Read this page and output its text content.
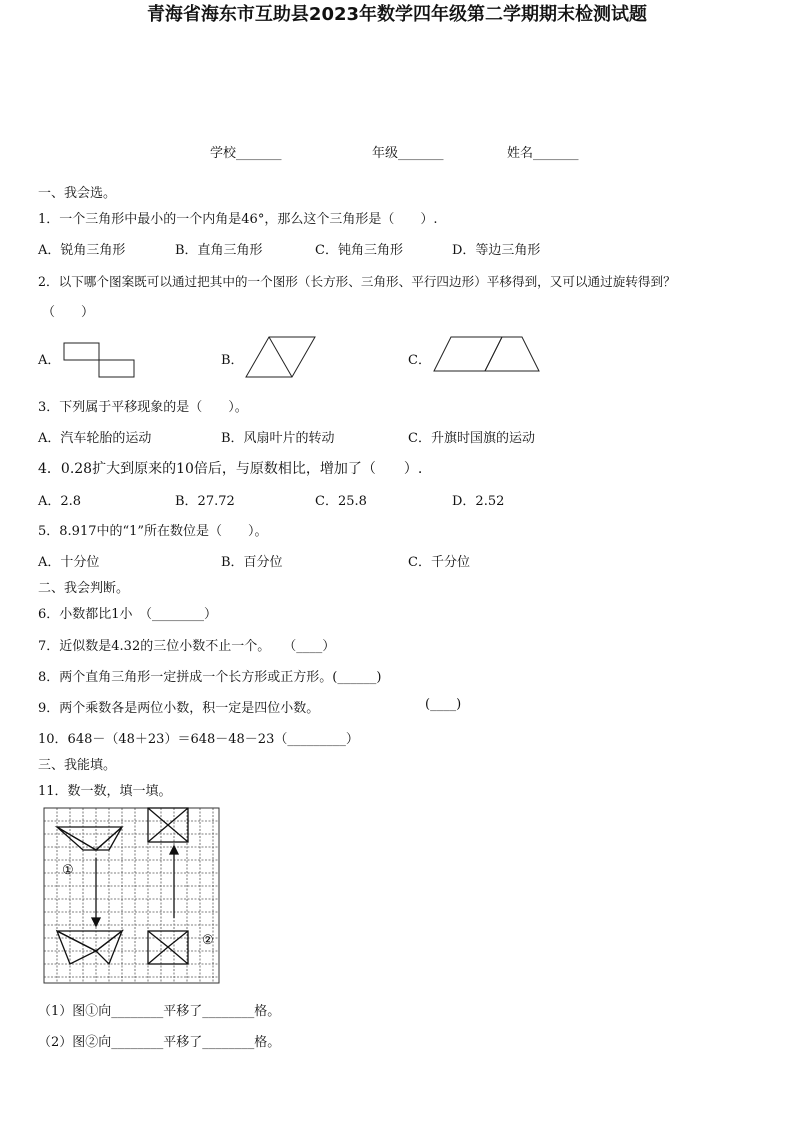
青海省海东市互助县2023年数学四年级第二学期期末检测试题
学校_______	年级_______	姓名_______
一、我会选。
1．一个三角形中最小的一个内角是46°，那么这个三角形是（　　）.
A．锐角三角形	B．直角三角形	C．钝角三角形	D．等边三角形
2．以下哪个图案既可以通过把其中的一个图形（长方形、三角形、平行四边形）平移得到，又可以通过旋转得到？
（　　）
A．	B．	C．
3．下列属于平移现象的是（　　）。
A．汽车轮胎的运动	B．风扇叶片的转动	C．升旗时国旗的运动
4．0.28扩大到原来的10倍后，与原数相比，增加了（　　）.
A．2.8	B．27.72	C．25.8	D．2.52
5．8.917中的“1”所在数位是（　　）。
A．十分位	B．百分位	C．千分位
二、我会判断。
6．小数都比1小　（________）
7．近似数是4.32的三位小数不止一个。　　（____）
8．两个直角三角形一定拼成一个长方形或正方形。(______)
9．两个乘数各是两位小数，积一定是四位小数。	(____)
10．648－（48＋23）＝648－48－23（_________）
三、我能填。
11．数一数，填一填。
①
②
（1）图①向________平移了________格。
（2）图②向________平移了________格。
